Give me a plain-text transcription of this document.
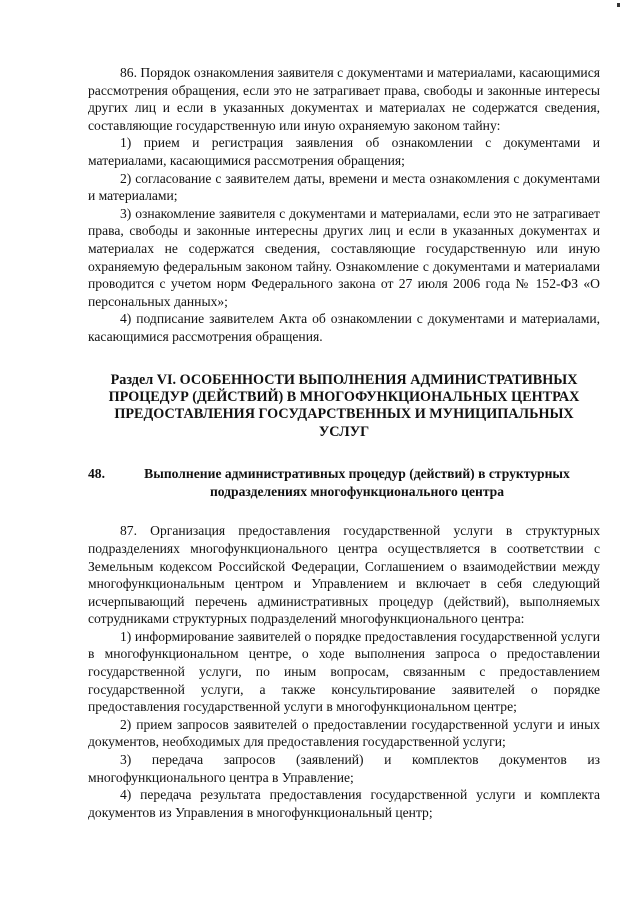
86. Порядок ознакомления заявителя с документами и материалами, касающимися рассмотрения обращения, если это не затрагивает права, свободы и законные интересы других лиц и если в указанных документах и материалах не содержатся сведения, составляющие государственную или иную охраняемую законом тайну:

1) прием и регистрация заявления об ознакомлении с документами и материалами, касающимися рассмотрения обращения;

2) согласование с заявителем даты, времени и места ознакомления с документами и материалами;

3) ознакомление заявителя с документами и материалами, если это не затрагивает права, свободы и законные интересны других лиц и если в указанных документах и материалах не содержатся сведения, составляющие государственную или иную охраняемую федеральным законом тайну. Ознакомление с документами и материалами проводится с учетом норм Федерального закона от 27 июля 2006 года № 152-ФЗ «О персональных данных»;

4) подписание заявителем Акта об ознакомлении с документами и материалами, касающимися рассмотрения обращения.

Раздел VI. ОСОБЕННОСТИ ВЫПОЛНЕНИЯ АДМИНИСТРАТИВНЫХ ПРОЦЕДУР (ДЕЙСТВИЙ) В МНОГОФУНКЦИОНАЛЬНЫХ ЦЕНТРАХ ПРЕДОСТАВЛЕНИЯ ГОСУДАРСТВЕННЫХ И МУНИЦИПАЛЬНЫХ УСЛУГ
48.	Выполнение административных процедур (действий) в структурных подразделениях многофункционального центра

87. Организация предоставления государственной услуги в структурных подразделениях многофункционального центра осуществляется в соответствии с Земельным кодексом Российской Федерации, Соглашением о взаимодействии между многофункциональным центром и Управлением и включает в себя следующий исчерпывающий перечень административных процедур (действий), выполняемых сотрудниками структурных подразделений многофункционального центра:

1) информирование заявителей о порядке предоставления государственной услуги в многофункциональном центре, о ходе выполнения запроса о предоставлении государственной услуги, по иным вопросам, связанным с предоставлением государственной услуги, а также консультирование заявителей о порядке предоставления государственной услуги в многофункциональном центре;

2) прием запросов заявителей о предоставлении государственной услуги и иных документов, необходимых для предоставления государственной услуги;

3) передача запросов (заявлений) и комплектов документов из многофункционального центра в Управление;

4) передача результата предоставления государственной услуги и комплекта документов из Управления в многофункциональный центр;
